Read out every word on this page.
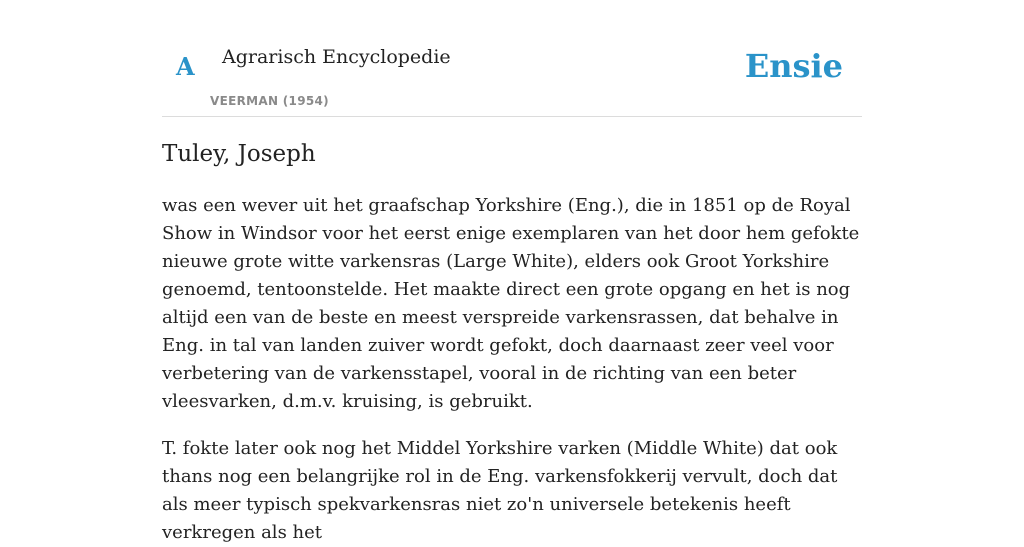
A Agrarisch Encyclopedie
VEERMAN (1954)
Ensie
Tuley, Joseph

was een wever uit het graafschap Yorkshire (Eng.), die in 1851 op de Royal Show in Windsor voor het eerst enige exemplaren van het door hem gefokte nieuwe grote witte varkensras (Large White), elders ook Groot Yorkshire genoemd, tentoonstelde. Het maakte direct een grote opgang en het is nog altijd een van de beste en meest verspreide varkensrassen, dat behalve in Eng. in tal van landen zuiver wordt gefokt, doch daarnaast zeer veel voor verbetering van de varkensstapel, vooral in de richting van een beter vleesvarken, d.m.v. kruising, is gebruikt.

T. fokte later ook nog het Middel Yorkshire varken (Middle White) dat ook thans nog een belangrijke rol in de Eng. varkensfokkerij vervult, doch dat als meer typisch spekvarkensras niet zo'n universele betekenis heeft verkregen als het
